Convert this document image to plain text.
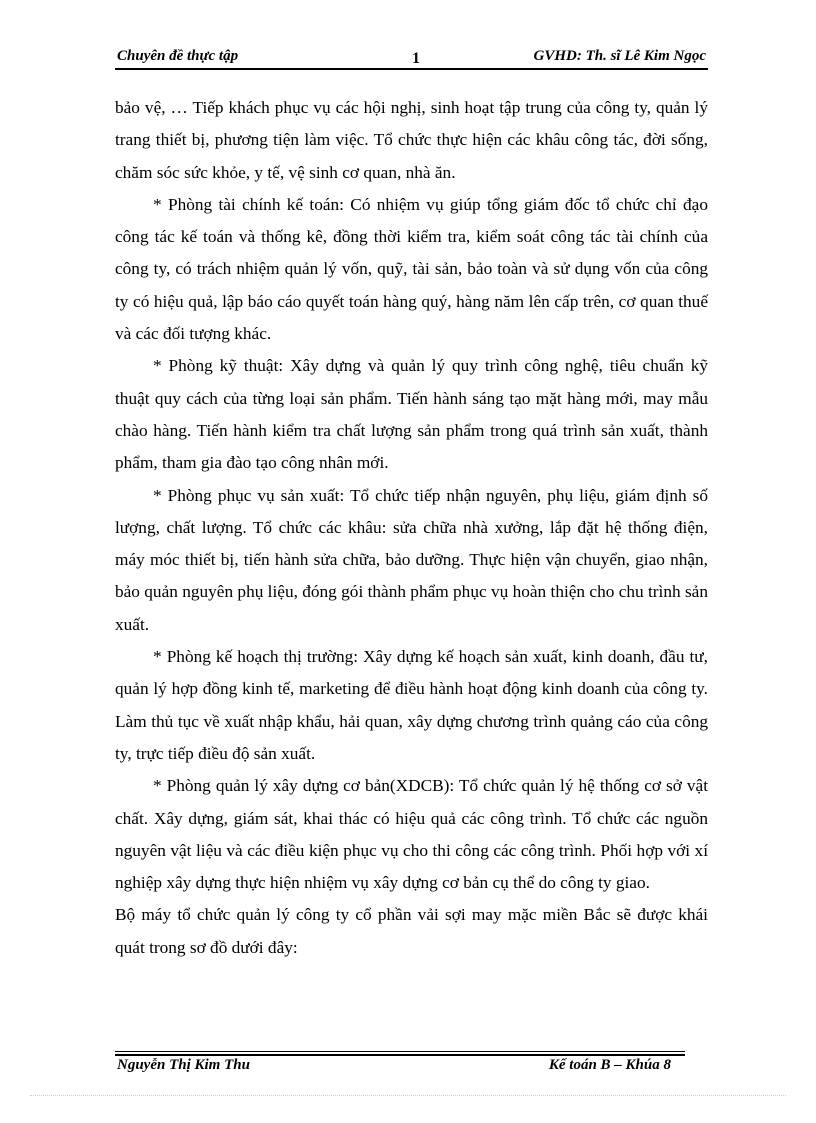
Chuyên đề thực tập	1	GVHD: Th. sĩ Lê Kim Ngọc

bảo vệ, … Tiếp khách phục vụ các hội nghị, sinh hoạt tập trung của công ty, quản lý trang thiết bị, phương tiện làm việc. Tổ chức thực hiện các khâu công tác, đời sống, chăm sóc sức khỏe, y tế, vệ sinh cơ quan, nhà ăn.

* Phòng tài chính kế toán: Có nhiệm vụ giúp tổng giám đốc tổ chức chỉ đạo công tác kế toán và thống kê, đồng thời kiểm tra, kiểm soát công tác tài chính của công ty, có trách nhiệm quản lý vốn, quỹ, tài sản, bảo toàn và sử dụng vốn của công ty có hiệu quả, lập báo cáo quyết toán hàng quý, hàng năm lên cấp trên, cơ quan thuế và các đối tượng khác.

* Phòng kỹ thuật: Xây dựng và quản lý quy trình công nghệ, tiêu chuẩn kỹ thuật quy cách của từng loại sản phẩm. Tiến hành sáng tạo mặt hàng mới, may mẫu chào hàng. Tiến hành kiểm tra chất lượng sản phẩm trong quá trình sản xuất, thành phẩm, tham gia đào tạo công nhân mới.

* Phòng phục vụ sản xuất: Tổ chức tiếp nhận nguyên, phụ liệu, giám định số lượng, chất lượng. Tổ chức các khâu: sửa chữa nhà xưởng, lắp đặt hệ thống điện, máy móc thiết bị, tiến hành sửa chữa, bảo dưỡng. Thực hiện vận chuyển, giao nhận, bảo quản nguyên phụ liệu, đóng gói thành phẩm phục vụ hoàn thiện cho chu trình sản xuất.

* Phòng kế hoạch thị trường: Xây dựng kế hoạch sản xuất, kinh doanh, đầu tư, quản lý hợp đồng kinh tế, marketing để điều hành hoạt động kinh doanh của công ty. Làm thủ tục về xuất nhập khẩu, hải quan, xây dựng chương trình quảng cáo của công ty, trực tiếp điều độ sản xuất.

* Phòng quản lý xây dựng cơ bản(XDCB): Tổ chức quản lý hệ thống cơ sở vật chất. Xây dựng, giám sát, khai thác có hiệu quả các công trình. Tổ chức các nguồn nguyên vật liệu và các điều kiện phục vụ cho thi công các công trình. Phối hợp với xí nghiệp xây dựng thực hiện nhiệm vụ xây dựng cơ bản cụ thể do công ty giao.

Bộ máy tổ chức quản lý công ty cổ phần vải sợi may mặc miền Bắc sẽ được khái quát trong sơ đồ dưới đây:

Nguyễn Thị Kim Thu	Kế toán B – Khúa 8
